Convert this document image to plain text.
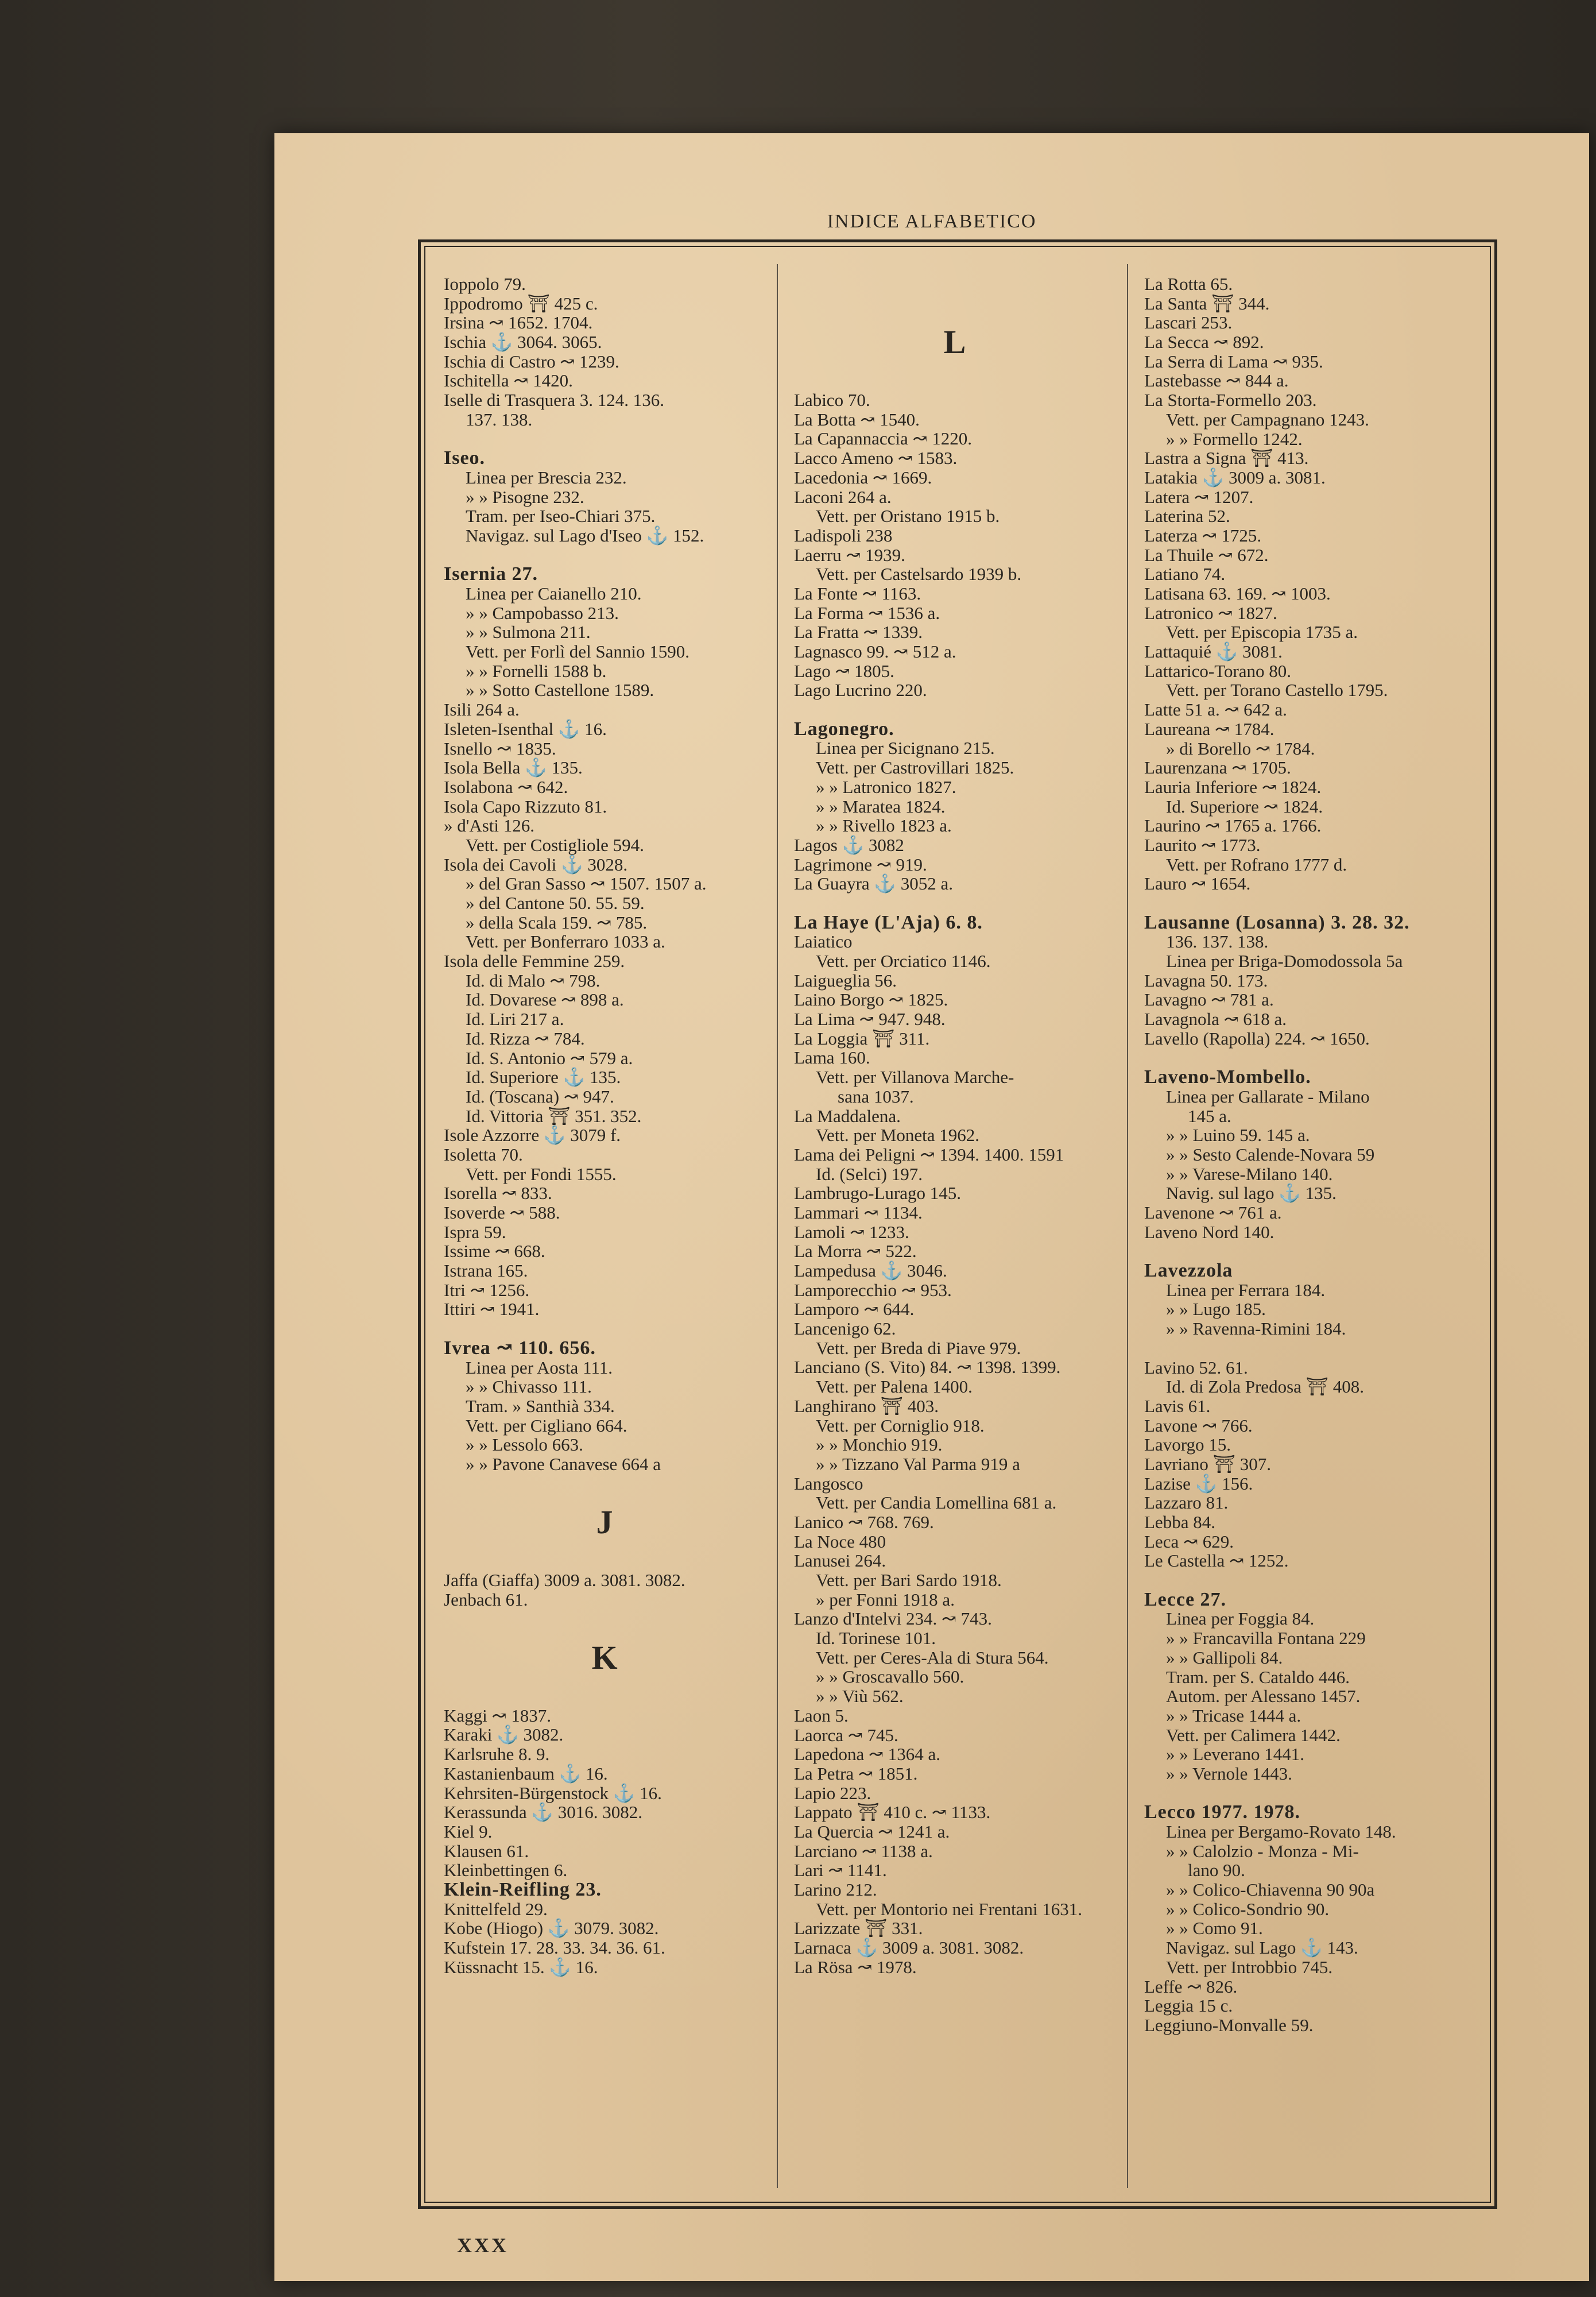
INDICE ALFABETICO
Ioppolo 79.
Ippodromo ⛩ 425 c.
Irsina ↝ 1652. 1704.
Ischia ⚓ 3064. 3065.
Ischia di Castro ↝ 1239.
Ischitella ↝ 1420.
Iselle di Trasquera 3. 124. 136.
137. 138.
Iseo.
Linea per Brescia 232.
» » Pisogne 232.
Tram. per Iseo-Chiari 375.
Navigaz. sul Lago d'Iseo ⚓ 152.
Isernia 27.
Linea per Caianello 210.
» » Campobasso 213.
» » Sulmona 211.
Vett. per Forlì del Sannio 1590.
» » Fornelli 1588 b.
» » Sotto Castellone 1589.
Isili 264 a.
Isleten-Isenthal ⚓ 16.
Isnello ↝ 1835.
Isola Bella ⚓ 135.
Isolabona ↝ 642.
Isola Capo Rizzuto 81.
» d'Asti 126.
Vett. per Costigliole 594.
Isola dei Cavoli ⚓ 3028.
» del Gran Sasso ↝ 1507. 1507 a.
» del Cantone 50. 55. 59.
» della Scala 159. ↝ 785.
Vett. per Bonferraro 1033 a.
Isola delle Femmine 259.
Id. di Malo ↝ 798.
Id. Dovarese ↝ 898 a.
Id. Liri 217 a.
Id. Rizza ↝ 784.
Id. S. Antonio ↝ 579 a.
Id. Superiore ⚓ 135.
Id. (Toscana) ↝ 947.
Id. Vittoria ⛩ 351. 352.
Isole Azzorre ⚓ 3079 f.
Isoletta 70.
Vett. per Fondi 1555.
Isorella ↝ 833.
Isoverde ↝ 588.
Ispra 59.
Issime ↝ 668.
Istrana 165.
Itri ↝ 1256.
Ittiri ↝ 1941.
Ivrea ↝ 110. 656.
Linea per Aosta 111.
» » Chivasso 111.
Tram. » Santhià 334.
Vett. per Cigliano 664.
» » Lessolo 663.
» » Pavone Canavese 664 a
J
Jaffa (Giaffa) 3009 a. 3081. 3082.
Jenbach 61.
K
Kaggi ↝ 1837.
Karaki ⚓ 3082.
Karlsruhe 8. 9.
Kastanienbaum ⚓ 16.
Kehrsiten-Bürgenstock ⚓ 16.
Kerassunda ⚓ 3016. 3082.
Kiel 9.
Klausen 61.
Kleinbettingen 6.
Klein-Reifling 23.
Knittelfeld 29.
Kobe (Hiogo) ⚓ 3079. 3082.
Kufstein 17. 28. 33. 34. 36. 61.
Küssnacht 15. ⚓ 16.
L
Labico 70.
La Botta ↝ 1540.
La Capannaccia ↝ 1220.
Lacco Ameno ↝ 1583.
Lacedonia ↝ 1669.
Laconi 264 a.
Vett. per Oristano 1915 b.
Ladispoli 238
Laerru ↝ 1939.
Vett. per Castelsardo 1939 b.
La Fonte ↝ 1163.
La Forma ↝ 1536 a.
La Fratta ↝ 1339.
Lagnasco 99. ↝ 512 a.
Lago ↝ 1805.
Lago Lucrino 220.
Lagonegro.
Linea per Sicignano 215.
Vett. per Castrovillari 1825.
» » Latronico 1827.
» » Maratea 1824.
» » Rivello 1823 a.
Lagos ⚓ 3082
Lagrimone ↝ 919.
La Guayra ⚓ 3052 a.
La Haye (L'Aja) 6. 8.
Laiatico
Vett. per Orciatico 1146.
Laigueglia 56.
Laino Borgo ↝ 1825.
La Lima ↝ 947. 948.
La Loggia ⛩ 311.
Lama 160.
Vett. per Villanova Marche-
sana 1037.
La Maddalena.
Vett. per Moneta 1962.
Lama dei Peligni ↝ 1394. 1400. 1591
Id. (Selci) 197.
Lambrugo-Lurago 145.
Lammari ↝ 1134.
Lamoli ↝ 1233.
La Morra ↝ 522.
Lampedusa ⚓ 3046.
Lamporecchio ↝ 953.
Lamporo ↝ 644.
Lancenigo 62.
Vett. per Breda di Piave 979.
Lanciano (S. Vito) 84. ↝ 1398. 1399.
Vett. per Palena 1400.
Langhirano ⛩ 403.
Vett. per Corniglio 918.
» » Monchio 919.
» » Tizzano Val Parma 919 a
Langosco
Vett. per Candia Lomellina 681 a.
Lanico ↝ 768. 769.
La Noce 480
Lanusei 264.
Vett. per Bari Sardo 1918.
» per Fonni 1918 a.
Lanzo d'Intelvi 234. ↝ 743.
Id. Torinese 101.
Vett. per Ceres-Ala di Stura 564.
» » Groscavallo 560.
» » Viù 562.
Laon 5.
Laorca ↝ 745.
Lapedona ↝ 1364 a.
La Petra ↝ 1851.
Lapio 223.
Lappato ⛩ 410 c. ↝ 1133.
La Quercia ↝ 1241 a.
Larciano ↝ 1138 a.
Lari ↝ 1141.
Larino 212.
Vett. per Montorio nei Frentani 1631.
Larizzate ⛩ 331.
Larnaca ⚓ 3009 a. 3081. 3082.
La Rösa ↝ 1978.
La Rotta 65.
La Santa ⛩ 344.
Lascari 253.
La Secca ↝ 892.
La Serra di Lama ↝ 935.
Lastebasse ↝ 844 a.
La Storta-Formello 203.
Vett. per Campagnano 1243.
» » Formello 1242.
Lastra a Signa ⛩ 413.
Latakia ⚓ 3009 a. 3081.
Latera ↝ 1207.
Laterina 52.
Laterza ↝ 1725.
La Thuile ↝ 672.
Latiano 74.
Latisana 63. 169. ↝ 1003.
Latronico ↝ 1827.
Vett. per Episcopia 1735 a.
Lattaquié ⚓ 3081.
Lattarico-Torano 80.
Vett. per Torano Castello 1795.
Latte 51 a. ↝ 642 a.
Laureana ↝ 1784.
» di Borello ↝ 1784.
Laurenzana ↝ 1705.
Lauria Inferiore ↝ 1824.
Id. Superiore ↝ 1824.
Laurino ↝ 1765 a. 1766.
Laurito ↝ 1773.
Vett. per Rofrano 1777 d.
Lauro ↝ 1654.
Lausanne (Losanna) 3. 28. 32.
136. 137. 138.
Linea per Briga-Domodossola 5a
Lavagna 50. 173.
Lavagno ↝ 781 a.
Lavagnola ↝ 618 a.
Lavello (Rapolla) 224. ↝ 1650.
Laveno-Mombello.
Linea per Gallarate - Milano
145 a.
» » Luino 59. 145 a.
» » Sesto Calende-Novara 59
» » Varese-Milano 140.
Navig. sul lago ⚓ 135.
Lavenone ↝ 761 a.
Laveno Nord 140.
Lavezzola
Linea per Ferrara 184.
» » Lugo 185.
» » Ravenna-Rimini 184.
Lavino 52. 61.
Id. di Zola Predosa ⛩ 408.
Lavis 61.
Lavone ↝ 766.
Lavorgo 15.
Lavriano ⛩ 307.
Lazise ⚓ 156.
Lazzaro 81.
Lebba 84.
Leca ↝ 629.
Le Castella ↝ 1252.
Lecce 27.
Linea per Foggia 84.
» » Francavilla Fontana 229
» » Gallipoli 84.
Tram. per S. Cataldo 446.
Autom. per Alessano 1457.
» » Tricase 1444 a.
Vett. per Calimera 1442.
» » Leverano 1441.
» » Vernole 1443.
Lecco 1977. 1978.
Linea per Bergamo-Rovato 148.
» » Calolzio - Monza - Mi-
lano 90.
» » Colico-Chiavenna 90 90a
» » Colico-Sondrio 90.
» » Como 91.
Navigaz. sul Lago ⚓ 143.
Vett. per Introbbio 745.
Leffe ↝ 826.
Leggia 15 c.
Leggiuno-Monvalle 59.
XXX
